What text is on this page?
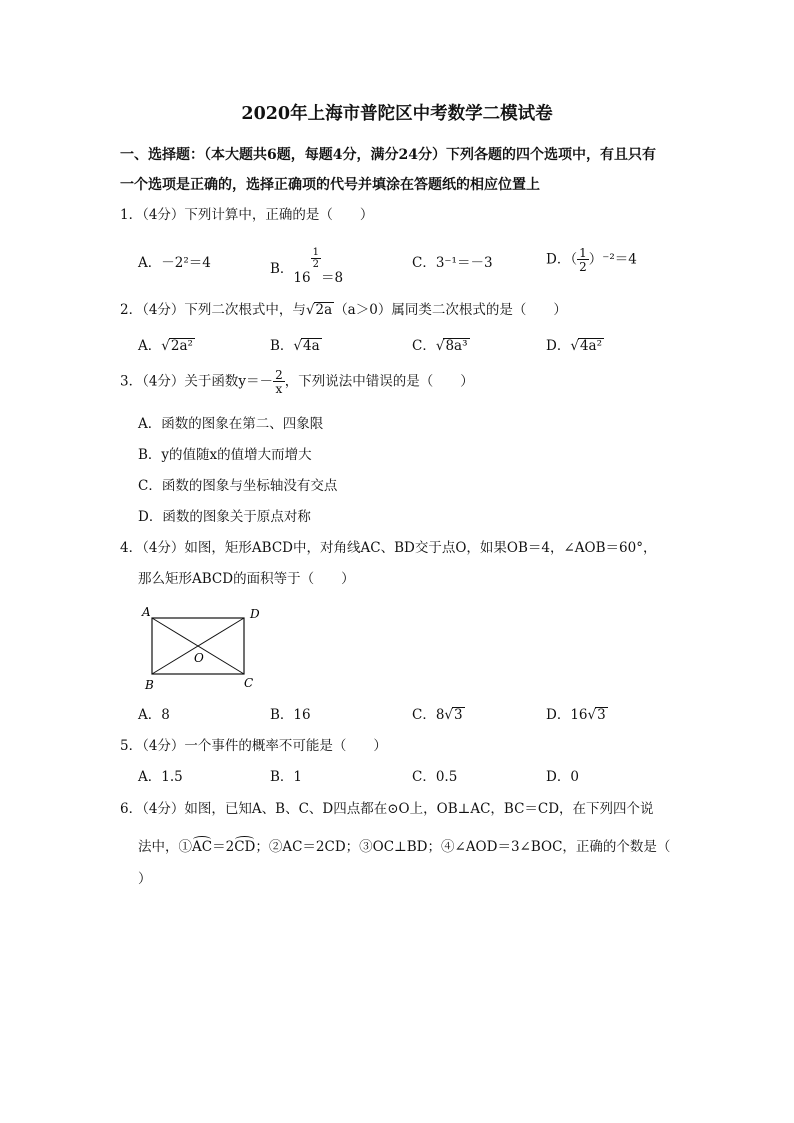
2020年上海市普陀区中考数学二模试卷
一、选择题：（本大题共6题，每题4分，满分24分）下列各题的四个选项中，有且只有
一个选项是正确的，选择正确项的代号并填涂在答题纸的相应位置上
1．（4分）下列计算中，正确的是（　　）
A．－2²＝4	B．16
$\frac{1}{2}$
＝8
C．3⁻¹＝－3	D．（ $\frac{1}{2} )^{-2}=4$
2．（4分）下列二次根式中，与√2a （a＞0）属同类二次根式的是（　　）
A．√2a²	B．√4a	C．√8a³	D．√4a²
3．（4分）关于函数$y=- \frac{2}{x}$ ，下列说法中错误的是（　　）
A．函数的图象在第二、四象限
B．y的值随x的值增大而增大
C．函数的图象与坐标轴没有交点
D．函数的图象关于原点对称
4．（4分）如图，矩形ABCD中，对角线AC、BD交于点O，如果OB＝4，∠AOB＝60°，
那么矩形ABCD的面积等于（　　）
A	D
B	C
O
A．8	B．16	C．8√3	D．16√3
5．（4分）一个事件的概率不可能是（　　）
A．1.5	B．1	C．0.5	D．0
6．（4分）如图，已知A、B、C、D四点都在⊙O上，OB⊥AC，BC＝CD，在下列四个说
法中，①AC＝2CD；②AC＝2CD；③OC⊥BD；④∠AOD＝3∠BOC，正确的个数是（
）
